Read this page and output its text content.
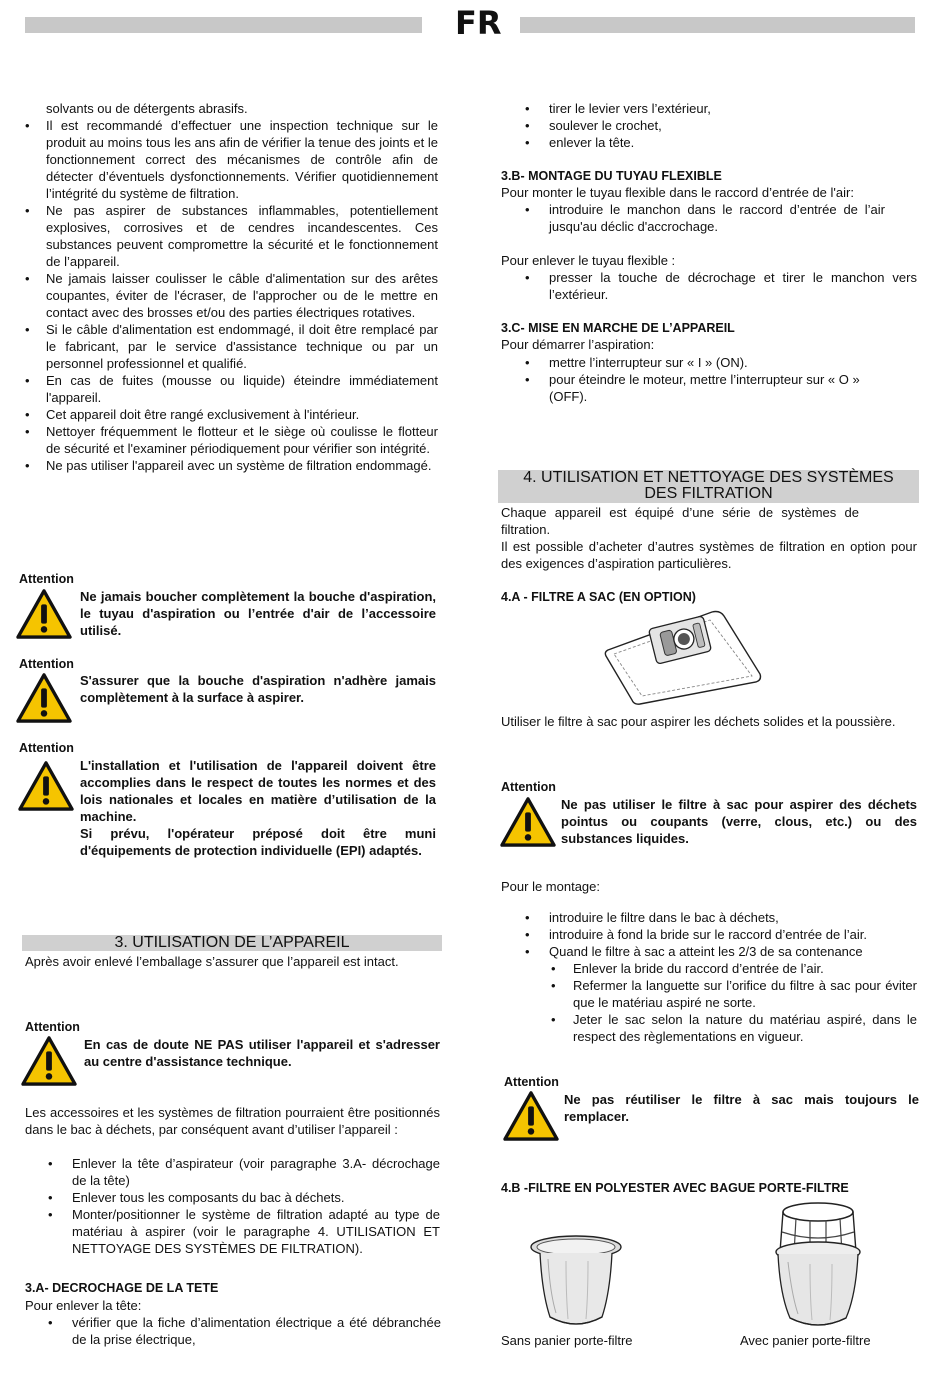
FR
solvants ou de détergents abrasifs.
• Il est recommandé d’effectuer une inspection technique sur le produit au moins tous les ans afin de vérifier la tenue des joints et le fonctionnement correct des mécanismes de contrôle afin de détecter d’éventuels dysfonctionnements. Vérifier quotidiennement l’intégrité du système de filtration.
• Ne pas aspirer de substances inflammables, potentiellement explosives, corrosives et de cendres incandescentes. Ces substances peuvent compromettre la sécurité et le fonctionnement de l’appareil.
• Ne jamais laisser coulisser le câble d'alimentation sur des arêtes coupantes, éviter de l'écraser, de l'approcher ou de le mettre en contact avec des brosses et/ou des parties électriques rotatives.
• Si le câble d'alimentation est endommagé, il doit être remplacé par le fabricant, par le service d'assistance technique ou par un personnel professionnel et qualifié.
• En cas de fuites (mousse ou liquide) éteindre immédiatement l'appareil.
• Cet appareil doit être rangé exclusivement à l'intérieur.
• Nettoyer fréquemment le flotteur et le siège où coulisse le flotteur de sécurité et l'examiner périodiquement pour vérifier son intégrité.
• Ne pas utiliser l'appareil avec un système de filtration endommagé.
Attention
Ne jamais boucher complètement la bouche d'aspiration, le tuyau d'aspiration ou l’entrée d'air de l’accessoire utilisé.
Attention
S'assurer que la bouche d'aspiration n'adhère jamais complètement à la surface à aspirer.
Attention
L'installation et l'utilisation de l'appareil doivent être accomplies dans le respect de toutes les normes et des lois nationales et locales en matière d’utilisation de la machine.
Si prévu, l'opérateur préposé doit être muni d'équipements de protection individuelle (EPI) adaptés.
3. UTILISATION DE L’APPAREIL
Après avoir enlevé l’emballage s’assurer que l’appareil est intact.
Attention
En cas de doute NE PAS utiliser l'appareil et s'adresser au centre d'assistance technique.
Les accessoires et les systèmes de filtration pourraient être positionnés dans le bac à déchets, par conséquent avant d’utiliser l’appareil :
• Enlever la tête d’aspirateur (voir paragraphe 3.A- décrochage de la tête)
• Enlever tous les composants du bac à déchets.
• Monter/positionner le système de filtration adapté au type de matériau à aspirer (voir le paragraphe 4. UTILISATION ET NETTOYAGE DES SYSTÈMES DE FILTRATION).
3.A- DECROCHAGE DE LA TETE
Pour enlever la tête:
• vérifier que la fiche d’alimentation électrique a été débranchée de la prise électrique,
• tirer le levier vers l’extérieur,
• soulever le crochet,
• enlever la tête.
3.B- MONTAGE DU TUYAU FLEXIBLE
Pour monter le tuyau flexible dans le raccord d’entrée de l'air:
• introduire le manchon dans le raccord d’entrée de l’air jusqu'au déclic d'accrochage.
Pour enlever le tuyau flexible :
• presser la touche de décrochage et tirer le manchon vers l’extérieur.
3.C- MISE EN MARCHE DE L’APPAREIL
Pour démarrer l’aspiration:
• mettre l’interrupteur sur « I » (ON).
• pour éteindre le moteur, mettre l’interrupteur sur « O » (OFF).
4. UTILISATION ET NETTOYAGE DES SYSTÈMES
DES FILTRATION
Chaque appareil est équipé d’une série de systèmes de filtration.
Il est possible d’acheter d’autres systèmes de filtration en option pour des exigences d’aspiration particulières.
4.A - FILTRE A SAC (EN OPTION)
Utiliser le filtre à sac pour aspirer les déchets solides et la poussière.
Attention
Ne pas utiliser le filtre à sac pour aspirer des déchets pointus ou coupants (verre, clous, etc.) ou des substances liquides.
Pour le montage:
• introduire le filtre dans le bac à déchets,
• introduire à fond la bride sur le raccord d’entrée de l’air.
• Quand le filtre à sac a atteint les 2/3 de sa contenance
• Enlever la bride du raccord d’entrée de l’air.
• Refermer la languette sur l’orifice du filtre à sac pour éviter que le matériau aspiré ne sorte.
• Jeter le sac selon la nature du matériau aspiré, dans le respect des règlementations en vigueur.
Attention
Ne pas réutiliser le filtre à sac mais toujours le remplacer.
4.B -FILTRE EN POLYESTER AVEC BAGUE PORTE-FILTRE
Sans panier porte-filtre	Avec panier porte-filtre
